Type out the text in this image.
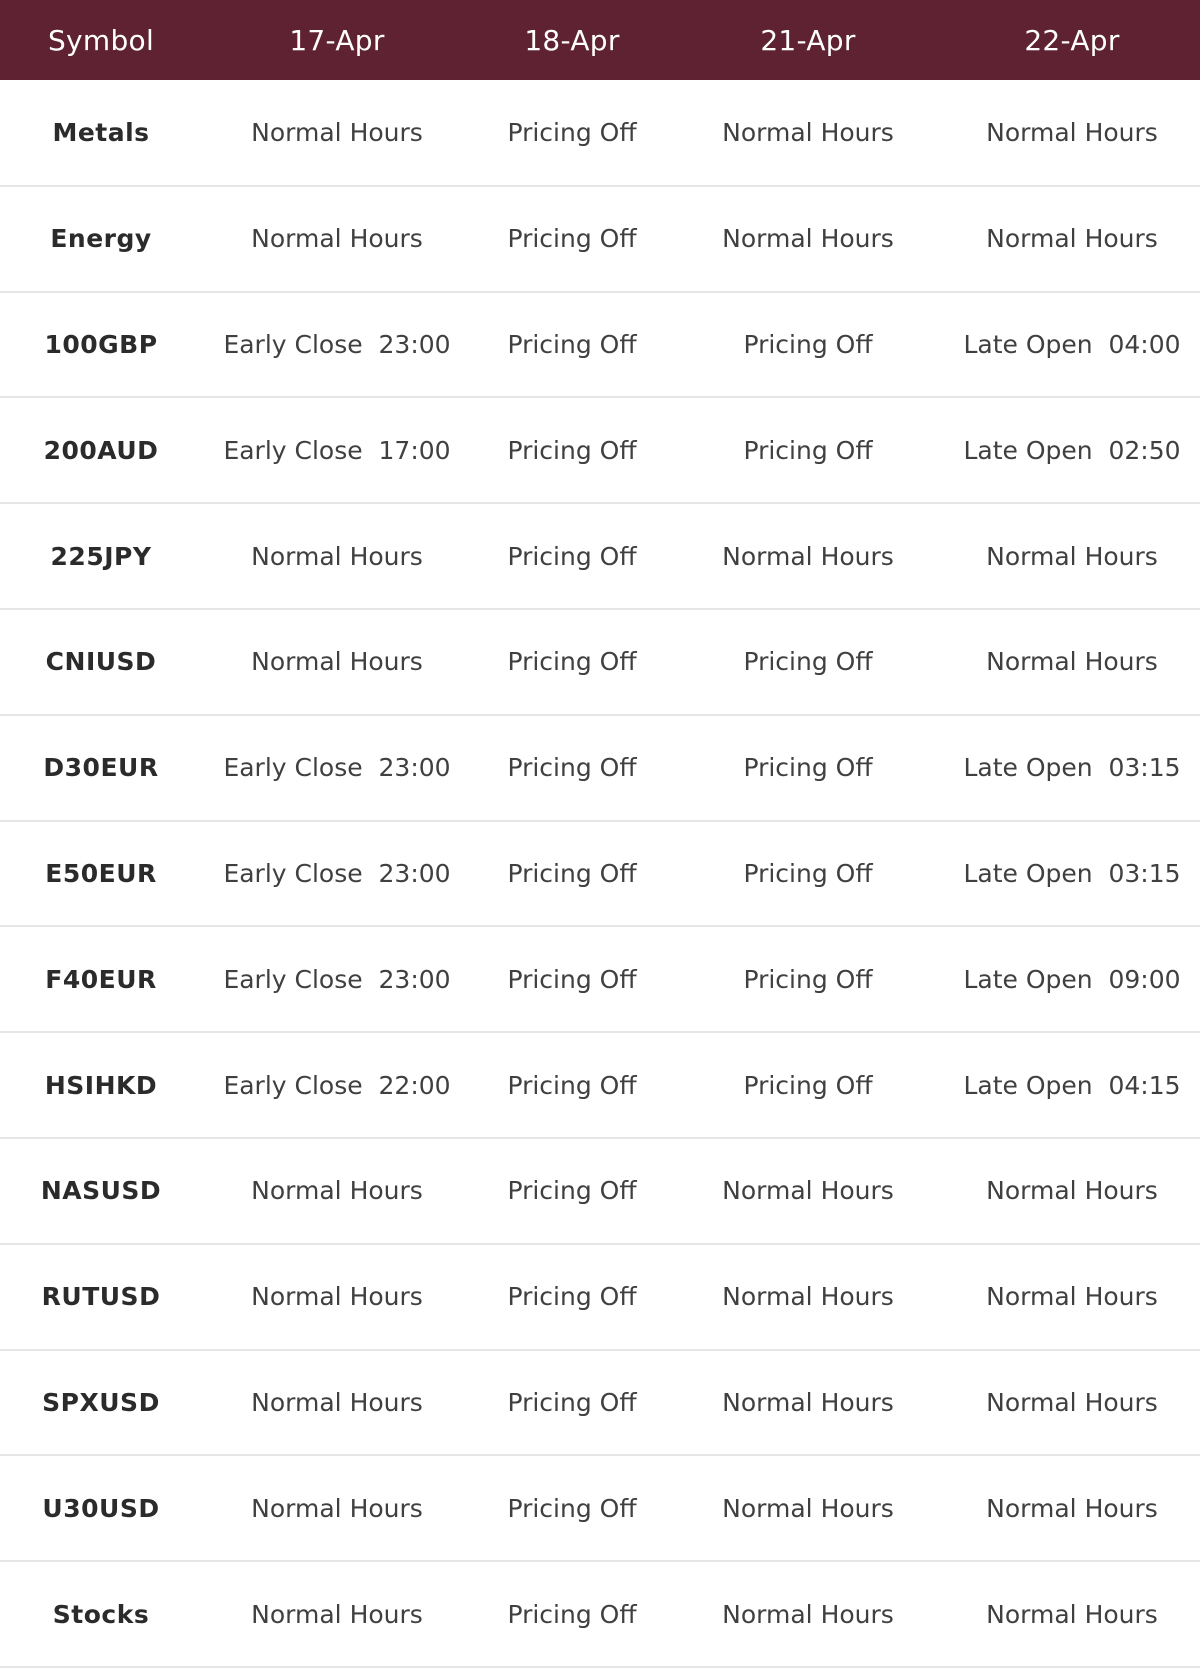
Symbol	17-Apr	18-Apr	21-Apr	22-Apr
Metals	Normal Hours	Pricing Off	Normal Hours	Normal Hours
Energy	Normal Hours	Pricing Off	Normal Hours	Normal Hours
100GBP	Early Close  23:00	Pricing Off	Pricing Off	Late Open  04:00
200AUD	Early Close  17:00	Pricing Off	Pricing Off	Late Open  02:50
225JPY	Normal Hours	Pricing Off	Normal Hours	Normal Hours
CNIUSD	Normal Hours	Pricing Off	Pricing Off	Normal Hours
D30EUR	Early Close  23:00	Pricing Off	Pricing Off	Late Open  03:15
E50EUR	Early Close  23:00	Pricing Off	Pricing Off	Late Open  03:15
F40EUR	Early Close  23:00	Pricing Off	Pricing Off	Late Open  09:00
HSIHKD	Early Close  22:00	Pricing Off	Pricing Off	Late Open  04:15
NASUSD	Normal Hours	Pricing Off	Normal Hours	Normal Hours
RUTUSD	Normal Hours	Pricing Off	Normal Hours	Normal Hours
SPXUSD	Normal Hours	Pricing Off	Normal Hours	Normal Hours
U30USD	Normal Hours	Pricing Off	Normal Hours	Normal Hours
Stocks	Normal Hours	Pricing Off	Normal Hours	Normal Hours
